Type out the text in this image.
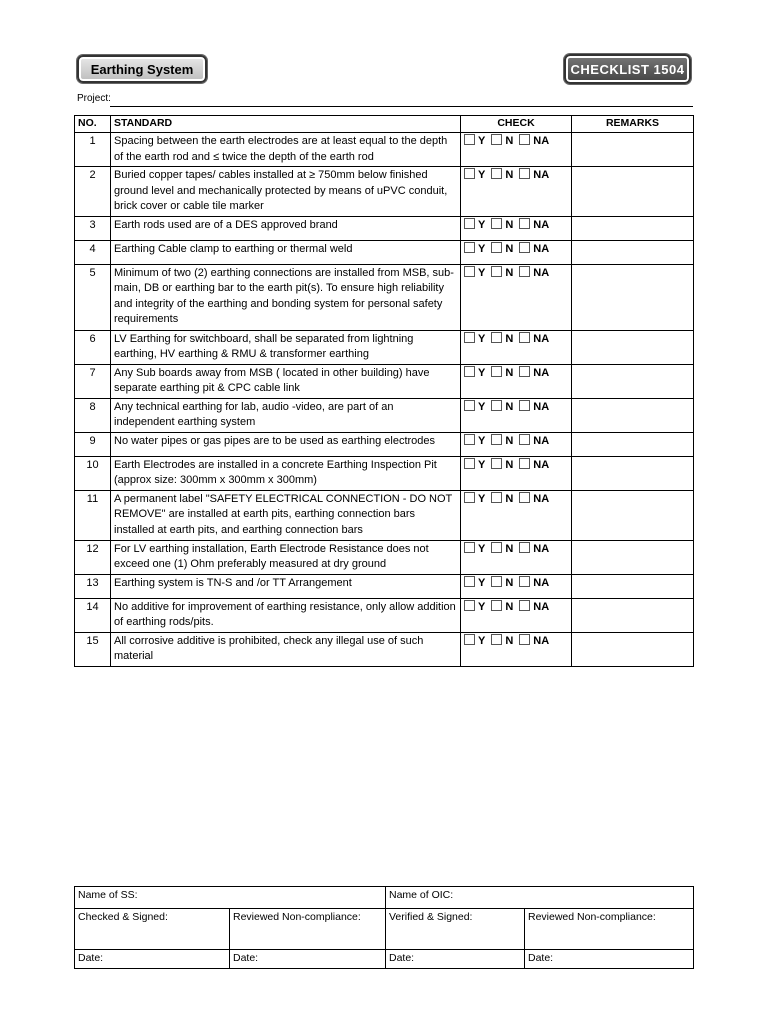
Earthing System	CHECKLIST 1504
Project:
NO.	STANDARD	CHECK	REMARKS
1	Spacing between the earth electrodes are at least equal to the depth of the earth rod and ≤ twice the depth of the earth rod	Y N NA	
2	Buried copper tapes/ cables installed at ≥ 750mm below finished ground level and mechanically protected by means of uPVC conduit, brick cover or cable tile marker	Y N NA	
3	Earth rods used are of a DES approved brand	Y N NA	
4	Earthing Cable clamp to earthing or thermal weld	Y N NA	
5	Minimum of two (2) earthing connections are installed from MSB, sub-main, DB or earthing bar to the earth pit(s). To ensure high reliability and integrity of the earthing and bonding system for personal safety requirements	Y N NA	
6	LV Earthing for switchboard, shall be separated from lightning earthing, HV earthing & RMU & transformer earthing	Y N NA	
7	Any Sub boards away from MSB ( located in other building) have separate earthing pit & CPC cable link	Y N NA	
8	Any technical earthing for lab, audio -video, are part of an independent earthing system	Y N NA	
9	No water pipes or gas pipes are to be used as earthing electrodes	Y N NA	
10	Earth Electrodes are installed in a concrete Earthing Inspection Pit (approx size: 300mm x 300mm x 300mm)	Y N NA	
11	A permanent label "SAFETY ELECTRICAL CONNECTION - DO NOT REMOVE" are installed at earth pits, earthing connection bars installed at earth pits, and earthing connection bars	Y N NA	
12	For LV earthing installation, Earth Electrode Resistance does not exceed one (1) Ohm preferably measured at dry ground	Y N NA	
13	Earthing system is TN-S and /or TT Arrangement	Y N NA	
14	No additive for improvement of earthing resistance, only allow addition of earthing rods/pits.	Y N NA	
15	All corrosive additive is prohibited, check any illegal use of such material	Y N NA	
Name of SS:		Name of OIC:	
Checked & Signed:	Reviewed Non-compliance:	Verified & Signed:	Reviewed Non-compliance:
Date:	Date:	Date:	Date:
